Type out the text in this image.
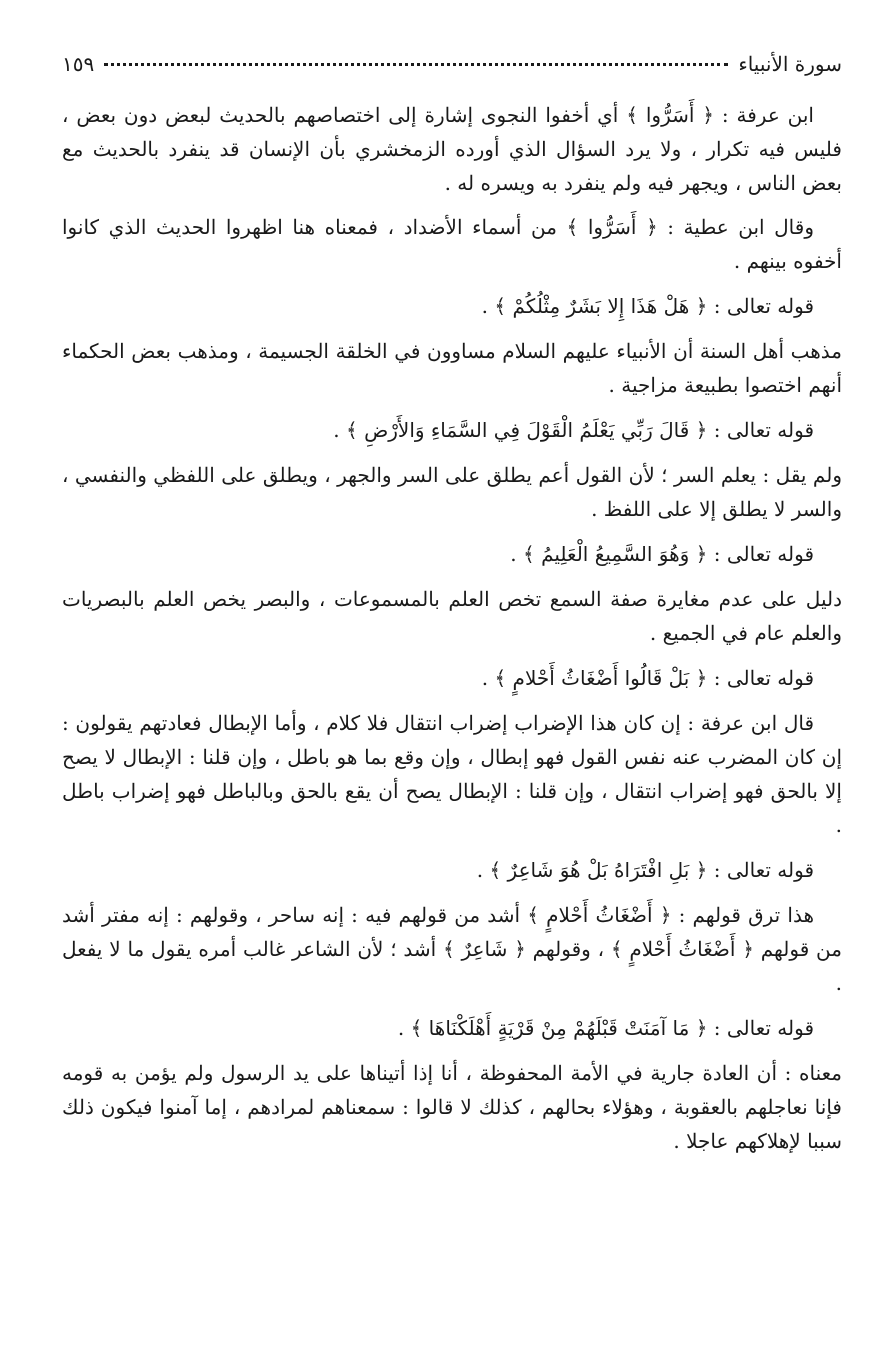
سورة الأنبياء
١٥٩

ابن عرفة : ﴿ أَسَرُّوا ﴾ أي أخفوا النجوى إشارة إلى اختصاصهم بالحديث لبعض دون بعض ، فليس فيه تكرار ، ولا يرد السؤال الذي أورده الزمخشري بأن الإنسان قد ينفرد بالحديث مع بعض الناس ، ويجهر فيه ولم ينفرد به ويسره له .

وقال ابن عطية : ﴿ أَسَرُّوا ﴾ من أسماء الأضداد ، فمعناه هنا اظهروا الحديث الذي كانوا أخفوه بينهم .

قوله تعالى : ﴿ هَلْ هَذَا إِلا بَشَرٌ مِثْلُكُمْ ﴾ .

مذهب أهل السنة أن الأنبياء عليهم السلام مساوون في الخلقة الجسيمة ، ومذهب بعض الحكماء أنهم اختصوا بطبيعة مزاجية .

قوله تعالى : ﴿ قَالَ رَبِّي يَعْلَمُ الْقَوْلَ فِي السَّمَاءِ وَالأَرْضِ ﴾ .

ولم يقل : يعلم السر ؛ لأن القول أعم يطلق على السر والجهر ، ويطلق على اللفظي والنفسي ، والسر لا يطلق إلا على اللفظ .

قوله تعالى : ﴿ وَهُوَ السَّمِيعُ الْعَلِيمُ ﴾ .

دليل على عدم مغايرة صفة السمع تخص العلم بالمسموعات ، والبصر يخص العلم بالبصريات والعلم عام في الجميع .

قوله تعالى : ﴿ بَلْ قَالُوا أَضْغَاثُ أَحْلامٍ ﴾ .

قال ابن عرفة : إن كان هذا الإضراب إضراب انتقال فلا كلام ، وأما الإبطال فعادتهم يقولون : إن كان المضرب عنه نفس القول فهو إبطال ، وإن وقع بما هو باطل ، وإن قلنا : الإبطال لا يصح إلا بالحق فهو إضراب انتقال ، وإن قلنا : الإبطال يصح أن يقع بالحق وبالباطل فهو إضراب باطل .

قوله تعالى : ﴿ بَلِ افْتَرَاهُ بَلْ هُوَ شَاعِرٌ ﴾ .

هذا ترق قولهم : ﴿ أَضْغَاثُ أَحْلامٍ ﴾ أشد من قولهم فيه : إنه ساحر ، وقولهم : إنه مفتر أشد من قولهم ﴿ أَضْغَاثُ أَحْلامٍ ﴾ ، وقولهم ﴿ شَاعِرٌ ﴾ أشد ؛ لأن الشاعر غالب أمره يقول ما لا يفعل .

قوله تعالى : ﴿ مَا آمَنَتْ قَبْلَهُمْ مِنْ قَرْيَةٍ أَهْلَكْنَاهَا ﴾ .

معناه : أن العادة جارية في الأمة المحفوظة ، أنا إذا أتيناها على يد الرسول ولم يؤمن به قومه فإنا نعاجلهم بالعقوبة ، وهؤلاء بحالهم ، كذلك لا قالوا : سمعناهم لمرادهم ، إما آمنوا فيكون ذلك سببا لإهلاكهم عاجلا .
